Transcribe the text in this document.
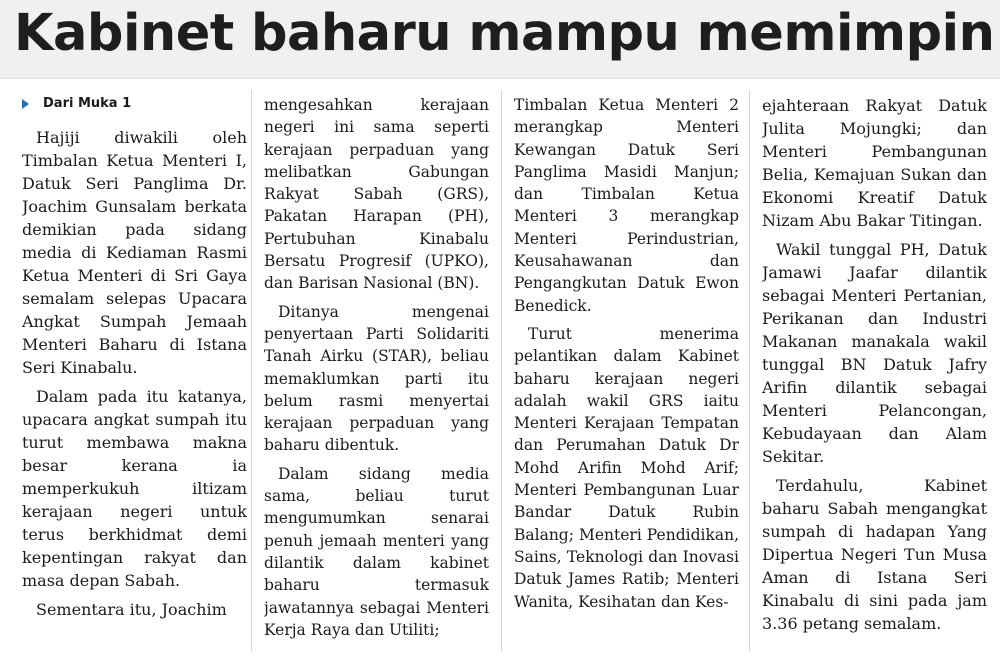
Kabinet baharu mampu memimpin
Dari Muka 1

Hajiji diwakili oleh Timbalan Ketua Menteri I, Datuk Seri Panglima Dr. Joachim Gunsalam berkata demikian pada sidang media di Kediaman Rasmi Ketua Menteri di Sri Gaya semalam selepas Upacara Angkat Sumpah Jemaah Menteri Baharu di Istana Seri Kinabalu.

Dalam pada itu katanya, upacara angkat sumpah itu turut membawa makna besar kerana ia memperkukuh iltizam kerajaan negeri untuk terus berkhidmat demi kepentingan rakyat dan masa depan Sabah.

Sementara itu, Joachim

mengesahkan kerajaan negeri ini sama seperti kerajaan perpaduan yang melibatkan Gabungan Rakyat Sabah (GRS), Pakatan Harapan (PH), Pertubuhan Kinabalu Bersatu Progresif (UPKO), dan Barisan Nasional (BN).

Ditanya mengenai penyertaan Parti Solidariti Tanah Airku (STAR), beliau memaklumkan parti itu belum rasmi menyertai kerajaan perpaduan yang baharu dibentuk.

Dalam sidang media sama, beliau turut mengumumkan senarai penuh jemaah menteri yang dilantik dalam kabinet baharu termasuk jawatannya sebagai Menteri Kerja Raya dan Utiliti;

Timbalan Ketua Menteri 2 merangkap Menteri Kewangan Datuk Seri Panglima Masidi Manjun; dan Timbalan Ketua Menteri 3 merangkap Menteri Perindustrian, Keusahawanan dan Pengangkutan Datuk Ewon Benedick.

Turut menerima pelantikan dalam Kabinet baharu kerajaan negeri adalah wakil GRS iaitu Menteri Kerajaan Tempatan dan Perumahan Datuk Dr Mohd Arifin Mohd Arif; Menteri Pembangunan Luar Bandar Datuk Rubin Balang; Menteri Pendidikan, Sains, Teknologi dan Inovasi Datuk James Ratib; Menteri Wanita, Kesihatan dan Kes-

ejahteraan Rakyat Datuk Julita Mojungki; dan Menteri Pembangunan Belia, Kemajuan Sukan dan Ekonomi Kreatif Datuk Nizam Abu Bakar Titingan.

Wakil tunggal PH, Datuk Jamawi Jaafar dilantik sebagai Menteri Pertanian, Perikanan dan Industri Makanan manakala wakil tunggal BN Datuk Jafry Arifin dilantik sebagai Menteri Pelancongan, Kebudayaan dan Alam Sekitar.

Terdahulu, Kabinet baharu Sabah mengangkat sumpah di hadapan Yang Dipertua Negeri Tun Musa Aman di Istana Seri Kinabalu di sini pada jam 3.36 petang semalam.
